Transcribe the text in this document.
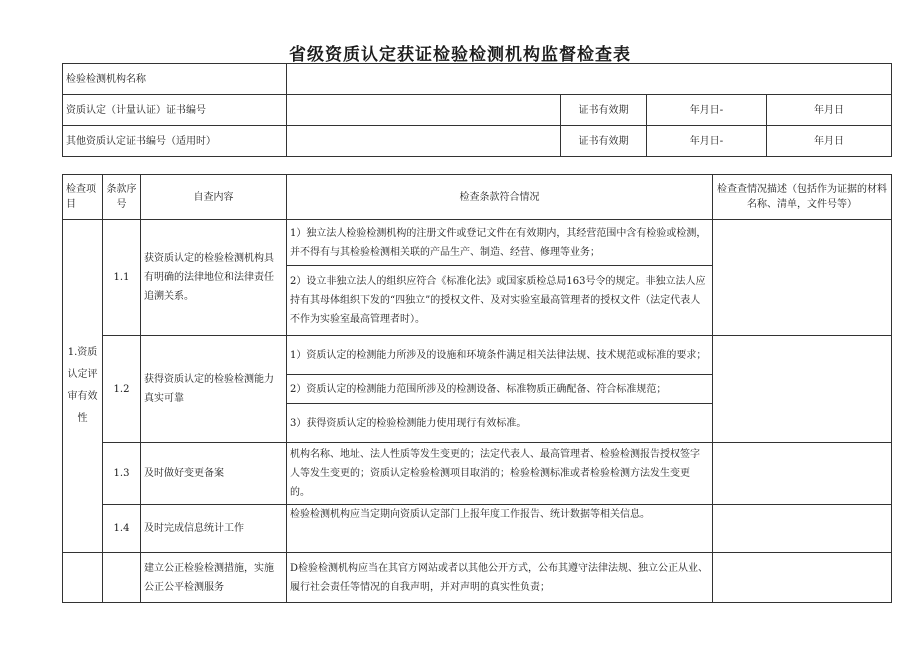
省级资质认定获证检验检测机构监督检查表
检验检测机构名称				
资质认定（计量认证）证书编号		证书有效期	年月日-	年月日
其他资质认定证书编号（适用时）		证书有效期	年月日-	年月日
检查项目	条款序号	自查内容	检查条款符合情况	检查查情况描述（包括作为证据的材料名称、清单，文件号等）
1.资质认定评审有效性	1.1	获资质认定的检验检测机构具有明确的法律地位和法律责任追溯关系。	1）独立法人检验检测机构的注册文件或登记文件在有效期内，其经营范围中含有检验或检测，并不得有与其检验检测相关联的产品生产、制造、经营、修理等业务；	
			2）设立非独立法人的组织应符合《标准化法》或国家质检总局163号令的规定。非独立法人应持有其母体组织下发的“四独立”的授权文件、及对实验室最高管理者的授权文件（法定代表人不作为实验室最高管理者时）。	
	1.2	获得资质认定的检验检测能力真实可靠	1）资质认定的检测能力所涉及的设施和环境条件满足相关法律法规、技术规范或标准的要求；	
			2）资质认定的检测能力范围所涉及的检测设备、标准物质正确配备、符合标准规范；	
			3）获得资质认定的检验检测能力使用现行有效标准。	
	1.3	及时做好变更备案	机构名称、地址、法人性质等发生变更的；法定代表人、最高管理者、检验检测报告授权签字人等发生变更的；资质认定检验检测项目取消的；检验检测标准或者检验检测方法发生变更的。	
	1.4	及时完成信息统计工作	检验检测机构应当定期向资质认定部门上报年度工作报告、统计数据等相关信息。	
		建立公正检验检测措施，实施公正公平检测服务	D检验检测机构应当在其官方网站或者以其他公开方式，公布其遵守法律法规、独立公正从业、履行社会责任等情况的自我声明，并对声明的真实性负责；	
